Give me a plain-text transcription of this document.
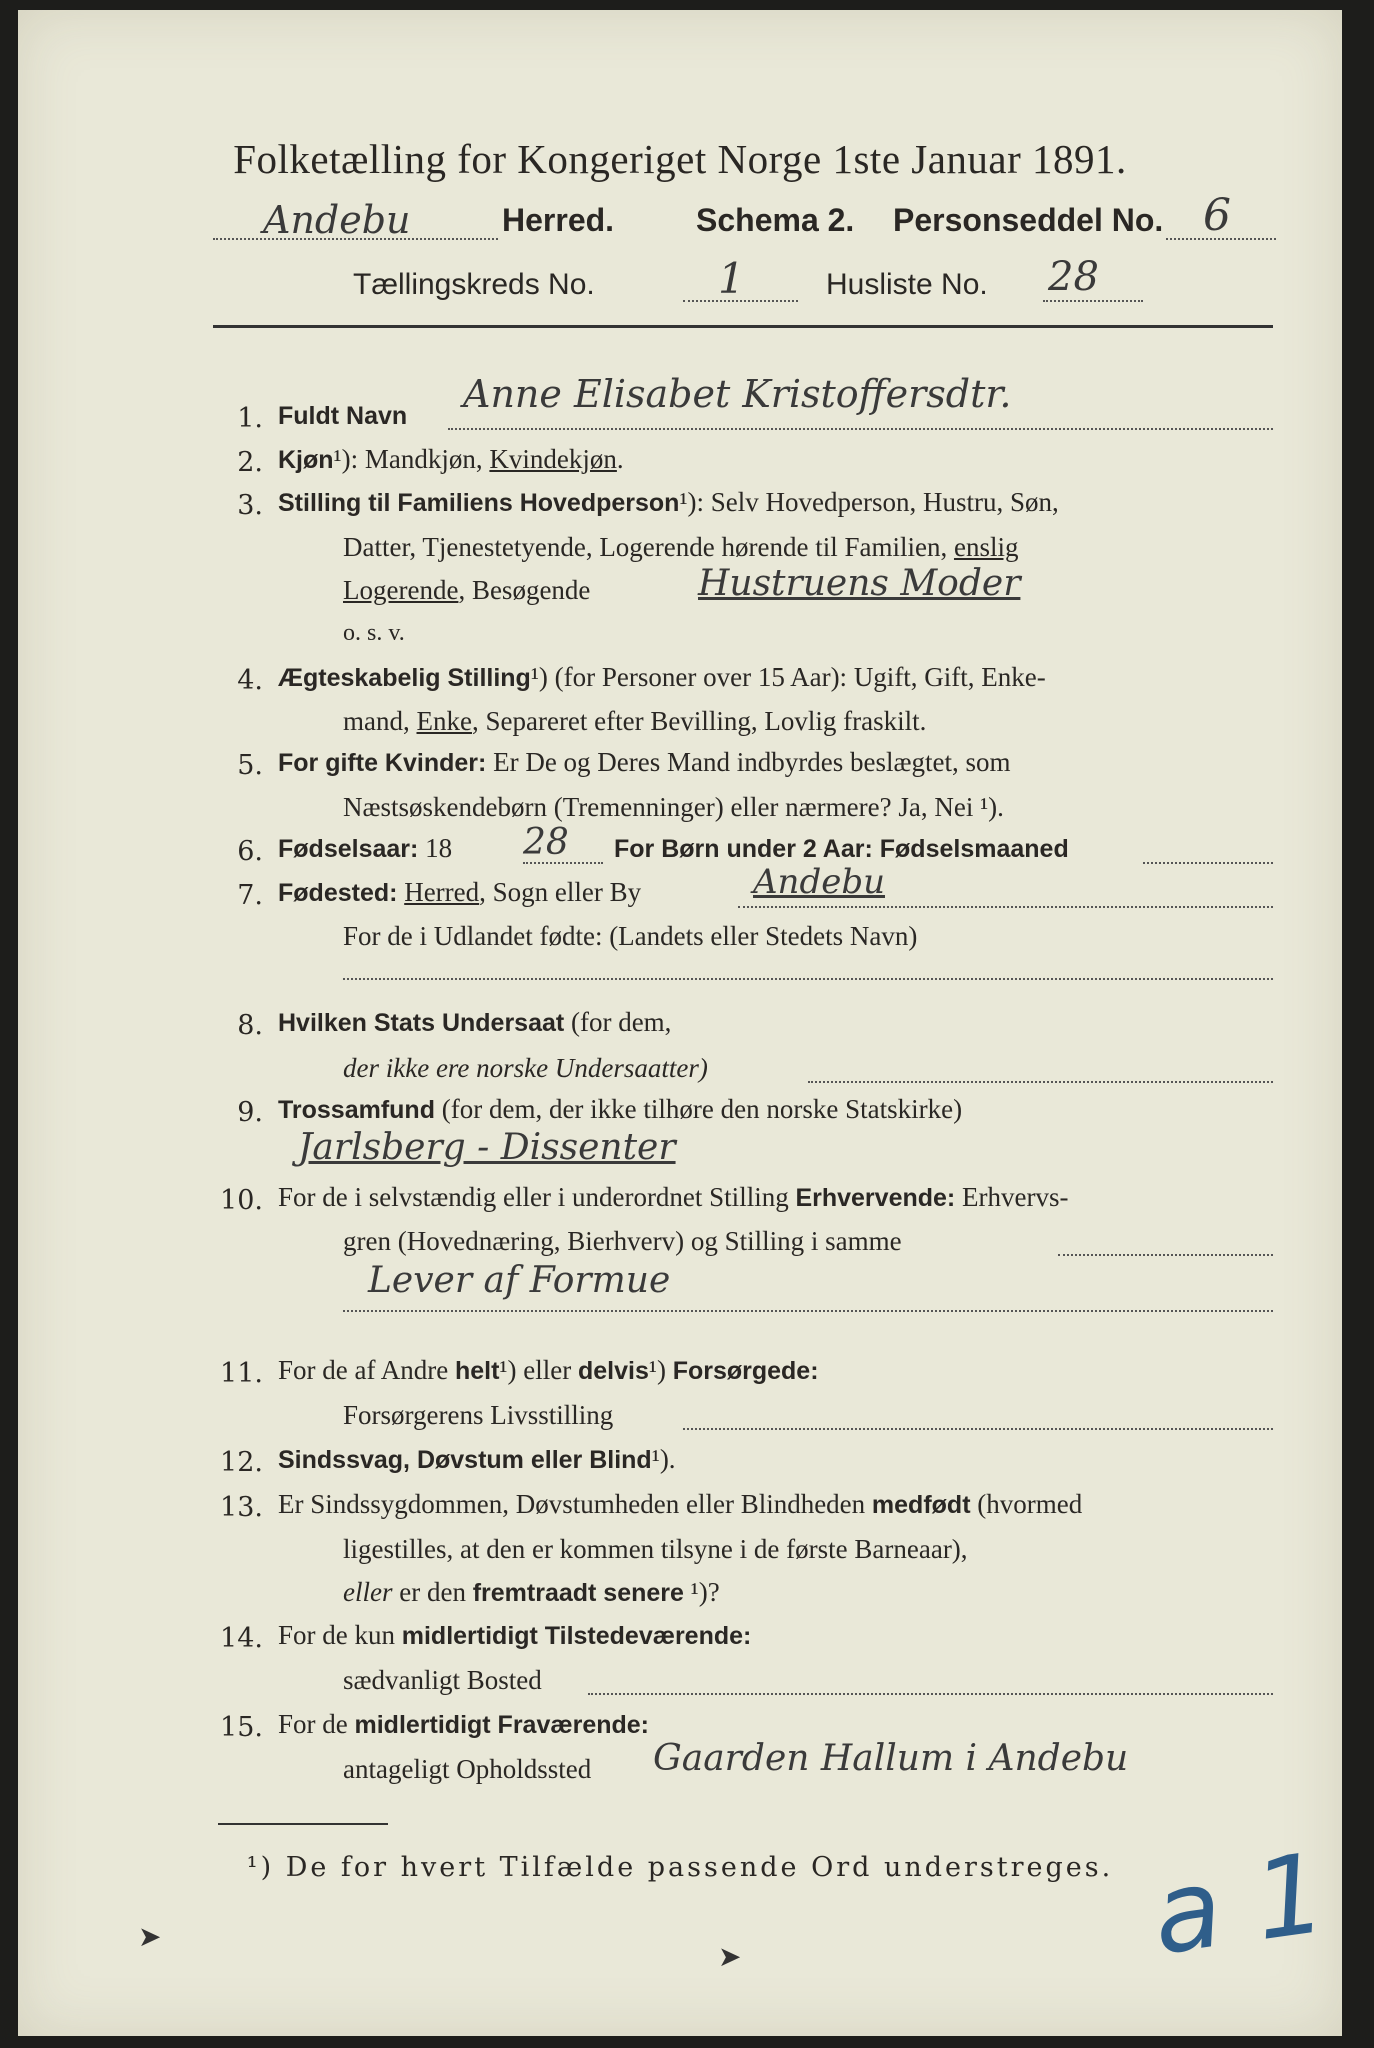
Folketælling for Kongeriget Norge 1ste Januar 1891.
Andebu	Herred.	Schema 2. Personseddel No. 6
Tællingskreds No.	1	Husliste No. 28
1. Fuldt Navn	Anne Elisabet Kristoffersdtr.
2. Kjøn¹): Mandkjøn, Kvindekjøn.
3. Stilling til Familiens Hovedperson¹): Selv Hovedperson, Hustru, Søn,
Datter, Tjenestetyende, Logerende hørende til Familien, enslig
Logerende, Besøgende	Hustruens Moder
o. s. v.
4. Ægteskabelig Stilling¹) (for Personer over 15 Aar): Ugift, Gift, Enke-
mand, Enke, Separeret efter Bevilling, Lovlig fraskilt.
5. For gifte Kvinder: Er De og Deres Mand indbyrdes beslægtet, som
Næstsøskendebørn (Tremenninger) eller nærmere? Ja, Nei ¹).
6. Fødselsaar: 18	28 For Børn under 2 Aar: Fødselsmaaned
7. Fødested: Herred, Sogn eller By	Andebu
For de i Udlandet fødte: (Landets eller Stedets Navn)
8. Hvilken Stats Undersaat (for dem,
der ikke ere norske Undersaatter)
9. Trossamfund (for dem, der ikke tilhøre den norske Statskirke)
Jarlsberg - Dissenter
10. For de i selvstændig eller i underordnet Stilling Erhvervende: Erhvervs-
gren (Hovednæring, Bierhverv) og Stilling i samme
Lever af Formue
11. For de af Andre helt¹) eller delvis¹) Forsørgede:
Forsørgerens Livsstilling
12. Sindssvag, Døvstum eller Blind¹).
13. Er Sindssygdommen, Døvstumheden eller Blindheden medfødt (hvormed
ligestilles, at den er kommen tilsyne i de første Barneaar),
eller er den fremtraadt senere ¹)?
14. For de kun midlertidigt Tilstedeværende:
sædvanligt Bosted
15. For de midlertidigt Fraværende:
antageligt Opholdssted	Gaarden Hallum i Andebu
¹) De for hvert Tilfælde passende Ord understreges. a 1
➤
➤
